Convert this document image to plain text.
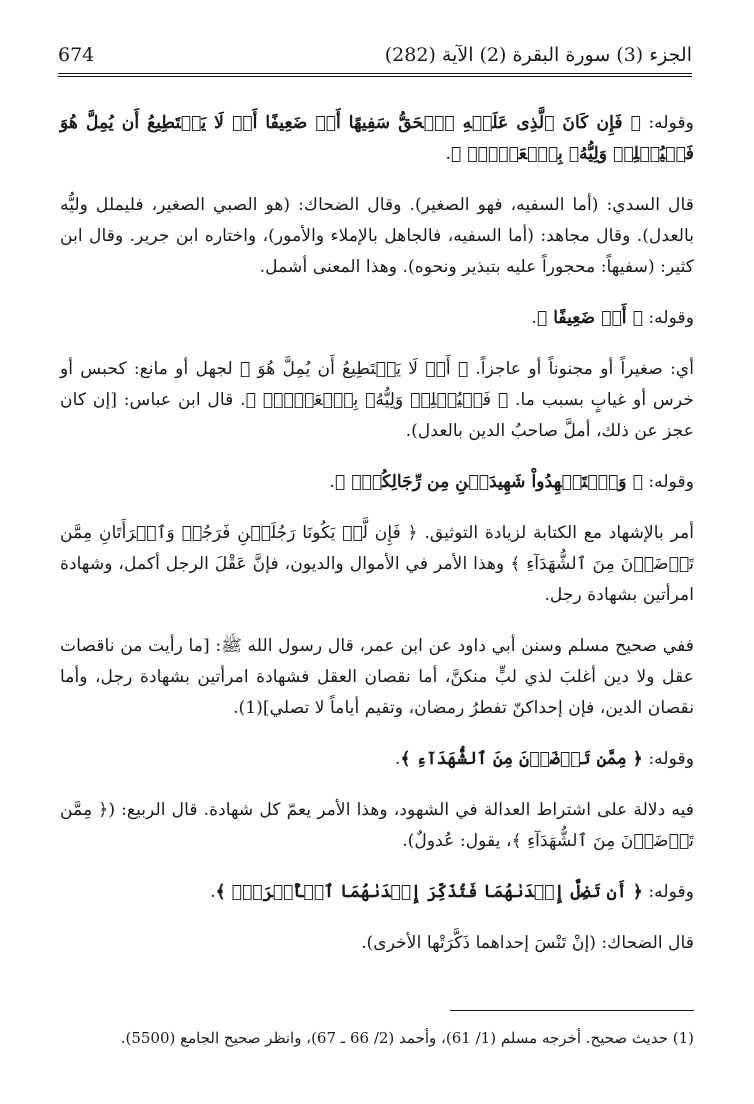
الجزء (3) سورة البقرة (2) الآية (282)
674

وقوله: ﴿ فَإِن كَانَ ٱلَّذِى عَلَيۡهِ ٱلۡحَقُّ سَفِيهًا أَوۡ ضَعِيفًا أَوۡ لَا يَسۡتَطِيعُ أَن يُمِلَّ هُوَ فَلۡيُمۡلِلۡ وَلِيُّهُۥ بِٱلۡعَدۡلِۚ ﴾.

قال السدي: (أما السفيه، فهو الصغير). وقال الضحاك: (هو الصبي الصغير، فليملل وليُّه بالعدل). وقال مجاهد: (أما السفيه، فالجاهل بالإملاء والأمور)، واختاره ابن جرير. وقال ابن كثير: (سفيهاً: محجوراً عليه بتبذير ونحوه). وهذا المعنى أشمل.

وقوله: ﴿ أَوۡ ضَعِيفًا ﴾.

أي: صغيراً أو مجنوناً أو عاجزاً. ﴿ أَوۡ لَا يَسۡتَطِيعُ أَن يُمِلَّ هُوَ ﴾ لجهل أو مانع: كحبس أو خرس أو غيابٍ بسبب ما. ﴿ فَلۡيُمۡلِلۡ وَلِيُّهُۥ بِٱلۡعَدۡلِۚ ﴾. قال ابن عباس: [إن كان عجز عن ذلك، أملَّ صاحبُ الدين بالعدل).

وقوله: ﴿ وَٱسۡتَشۡهِدُواْ شَهِيدَيۡنِ مِن رِّجَالِكُمۡۖ ﴾.

أمر بالإشهاد مع الكتابة لزيادة التوثيق. ﴿ فَإِن لَّمۡ يَكُونَا رَجُلَيۡنِ فَرَجُلٞ وَٱمۡرَأَتَانِ مِمَّن تَرۡضَوۡنَ مِنَ ٱلشُّهَدَآءِ ﴾ وهذا الأمر في الأموال والديون، فإنَّ عَقْلَ الرجل أكمل، وشهادة امرأتين بشهادة رجل.

ففي صحيح مسلم وسنن أبي داود عن ابن عمر، قال رسول الله ﷺ: [ما رأيت من ناقصات عقل ولا دين أغلبَ لذي لبٍّ منكنَّ، أما نقصان العقل فشهادة امرأتين بشهادة رجل، وأما نقصان الدين، فإن إحداكنّ تفطرُ رمضان، وتقيم أياماً لا تصلي](1).

وقوله: ﴿ مِمَّن تَرۡضَوۡنَ مِنَ ٱلشُّهَدَآءِ ﴾.

فيه دلالة على اشتراط العدالة في الشهود، وهذا الأمر يعمّ كل شهادة. قال الربيع: (﴿ مِمَّن تَرۡضَوۡنَ مِنَ ٱلشُّهَدَآءِ ﴾، يقول: عُدولٌ).

وقوله: ﴿ أَن تَضِلَّ إِحۡدَىٰهُمَا فَتُذَكِّرَ إِحۡدَىٰهُمَا ٱلۡأُخۡرَىٰۚ ﴾.

قال الضحاك: (إنْ تَنْسَ إحداهما ذَكَّرَتْها الأخرى).

(1) حديث صحيح. أخرجه مسلم (1/ 61)، وأحمد (2/ 66 ـ 67)، وانظر صحيح الجامع (5500).
